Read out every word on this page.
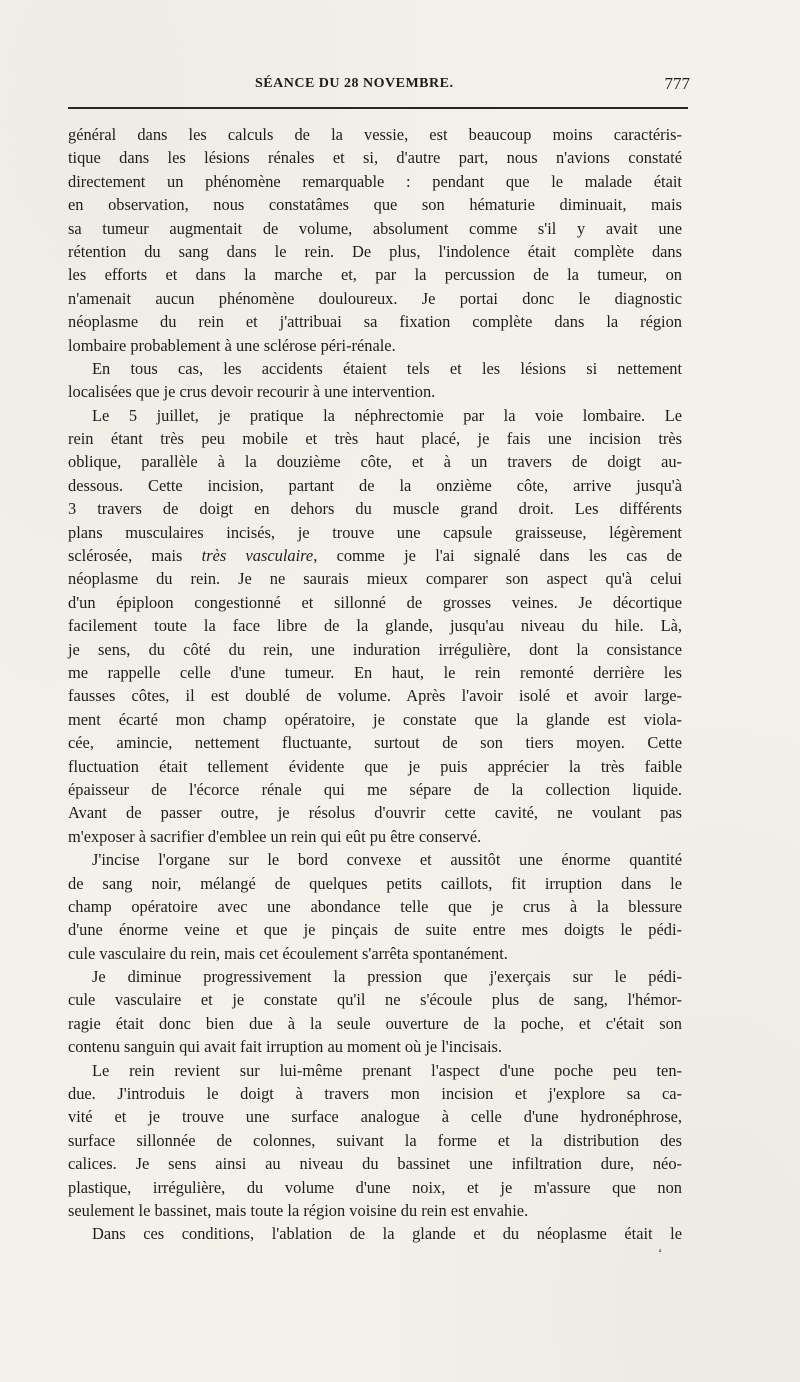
SÉANCE DU 28 NOVEMBRE.	777
général dans les calculs de la vessie, est beaucoup moins caractéris-
tique dans les lésions rénales et si, d'autre part, nous n'avions constaté
directement un phénomène remarquable : pendant que le malade était
en observation, nous constatâmes que son hématurie diminuait, mais
sa tumeur augmentait de volume, absolument comme s'il y avait une
rétention du sang dans le rein. De plus, l'indolence était complète dans
les efforts et dans la marche et, par la percussion de la tumeur, on
n'amenait aucun phénomène douloureux. Je portai donc le diagnostic
néoplasme du rein et j'attribuai sa fixation complète dans la région
lombaire probablement à une sclérose péri-rénale.
En tous cas, les accidents étaient tels et les lésions si nettement
localisées que je crus devoir recourir à une intervention.
Le 5 juillet, je pratique la néphrectomie par la voie lombaire. Le
rein étant très peu mobile et très haut placé, je fais une incision très
oblique, parallèle à la douzième côte, et à un travers de doigt au-
dessous. Cette incision, partant de la onzième côte, arrive jusqu'à
3 travers de doigt en dehors du muscle grand droit. Les différents
plans musculaires incisés, je trouve une capsule graisseuse, légèrement
sclérosée, mais très vasculaire, comme je l'ai signalé dans les cas de
néoplasme du rein. Je ne saurais mieux comparer son aspect qu'à celui
d'un épiploon congestionné et sillonné de grosses veines. Je décortique
facilement toute la face libre de la glande, jusqu'au niveau du hile. Là,
je sens, du côté du rein, une induration irrégulière, dont la consistance
me rappelle celle d'une tumeur. En haut, le rein remonté derrière les
fausses côtes, il est doublé de volume. Après l'avoir isolé et avoir large-
ment écarté mon champ opératoire, je constate que la glande est viola-
cée, amincie, nettement fluctuante, surtout de son tiers moyen. Cette
fluctuation était tellement évidente que je puis apprécier la très faible
épaisseur de l'écorce rénale qui me sépare de la collection liquide.
Avant de passer outre, je résolus d'ouvrir cette cavité, ne voulant pas
m'exposer à sacrifier d'emblee un rein qui eût pu être conservé.
J'incise l'organe sur le bord convexe et aussitôt une énorme quantité
de sang noir, mélangé de quelques petits caillots, fit irruption dans le
champ opératoire avec une abondance telle que je crus à la blessure
d'une énorme veine et que je pinçais de suite entre mes doigts le pédi-
cule vasculaire du rein, mais cet écoulement s'arrêta spontanément.
Je diminue progressivement la pression que j'exerçais sur le pédi-
cule vasculaire et je constate qu'il ne s'écoule plus de sang, l'hémor-
ragie était donc bien due à la seule ouverture de la poche, et c'était son
contenu sanguin qui avait fait irruption au moment où je l'incisais.
Le rein revient sur lui-même prenant l'aspect d'une poche peu ten-
due. J'introduis le doigt à travers mon incision et j'explore sa ca-
vité et je trouve une surface analogue à celle d'une hydronéphrose,
surface sillonnée de colonnes, suivant la forme et la distribution des
calices. Je sens ainsi au niveau du bassinet une infiltration dure, néo-
plastique, irrégulière, du volume d'une noix, et je m'assure que non
seulement le bassinet, mais toute la région voisine du rein est envahie.
Dans ces conditions, l'ablation de la glande et du néoplasme était le
ʻ
